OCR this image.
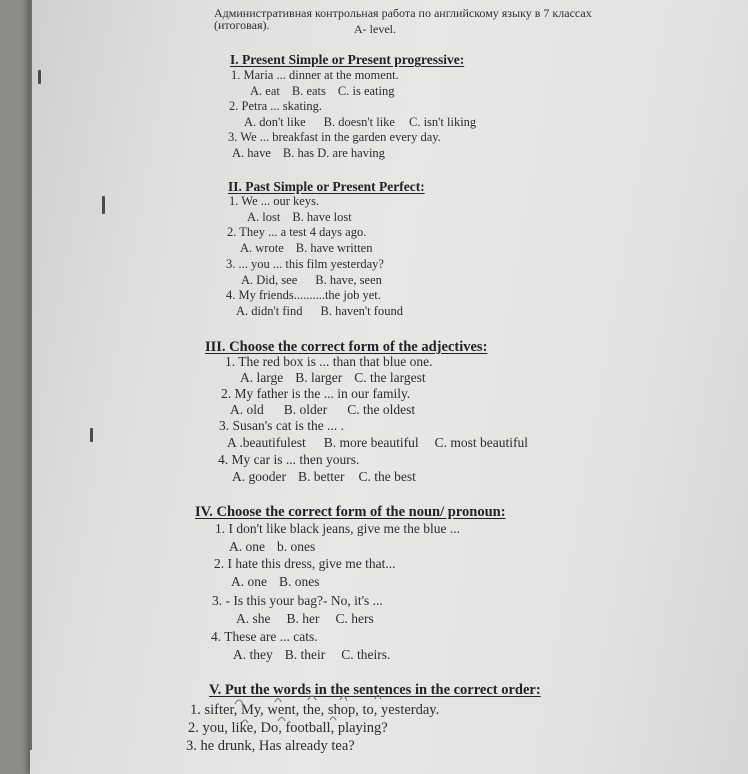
Административная контрольная работа по английскому языку в 7 классах
(итоговая).	A- level.
I. Present Simple or Present progressive:
1. Maria ... dinner at the moment.
A. eat B. eats C. is eating
2. Petra ... skating.
A. don't like B. doesn't like C. isn't liking
3. We ... breakfast in the garden every day.
A. have B. has D. are having
II. Past Simple or Present Perfect:
1. We ... our keys.
A. lost B. have lost
2. They ... a test 4 days ago.
A. wrote B. have written
3. ... you ... this film yesterday?
A. Did, see B. have, seen
4. My friends..........the job yet.
A. didn't find B. haven't found
III. Choose the correct form of the adjectives:
1. The red box is ... than that blue one.
A. large B. larger C. the largest
2. My father is the ... in our family.
A. old B. older C. the oldest
3. Susan's cat is the ... .
A .beautifulest B. more beautiful C. most beautiful
4. My car is ... then yours.
A. gooder B. better C. the best
IV. Choose the correct form of the noun/ pronoun:
1. I don't like black jeans, give me the blue ...
A. one b. ones
2. I hate this dress, give me that...
A. one B. ones
3. - Is this your bag?- No, it's ...
A. she B. her C. hers
4. These are ... cats.
A. they B. their C. theirs.
V. Put the words in the sentences in the correct order:
1. sifter, My, went, the, shop, to, yesterday.
2. you, like, Do, football, playing?
3. he drunk, Has already tea?
